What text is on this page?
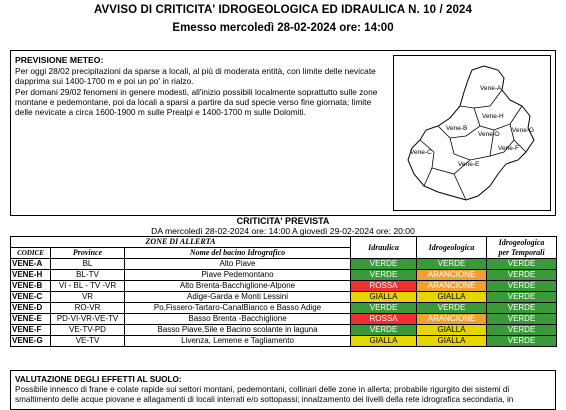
AVVISO DI CRITICITA' IDROGEOLOGICA ED IDRAULICA N. 10 / 2024
Emesso mercoledì 28-02-2024 ore: 14:00
PREVISIONE METEO:

Per oggi 28/02 precipitazioni da sparse a locali, al più di moderata entità, con limite delle nevicate dapprima sui 1400-1700 m e poi un po' in rialzo.

Per domani 29/02 fenomeni in genere modesti, all'inizio possibili localmente soprattutto sulle zone montane e pedemontane, poi da locali a sparsi a partire da sud specie verso fine giornata; limite delle nevicate a circa 1600-1900 m sulle Prealpi e 1400-1700 m sulle Dolomiti.

Vene-A
Vene-H
Vene-B
Vene-D
Vene-G
Vene-C
Vene-F
Vene-E
CRITICITA' PREVISTA
DA mercoledì 28-02-2024 ore: 14:00 A giovedì 29-02-2024 ore: 20:00
ZONE DI ALLERTA			Idraulica	Idrogeologica	Idrogeologica
per Temporali
CODICE	Province	Nome del bacino Idrografico			
VENE-A	BL	Alto Piave	VERDE	VERDE	VERDE
VENE-H	BL-TV	Piave Pedemontano	VERDE	ARANCIONE	VERDE
VENE-B	VI - BL - TV -VR	Alto Brenta-Bacchiglione-Alpone	ROSSA	ARANCIONE	VERDE
VENE-C	VR	Adige-Garda e Monti Lessini	GIALLA	GIALLA	VERDE
VENE-D	RO-VR	Po,Fissero-Tartaro-CanalBianco e Basso Adige	VERDE	VERDE	VERDE
VENE-E	PD-VI-VR-VE-TV	Basso Brenta -Bacchiglione	ROSSA	ARANCIONE	VERDE
VENE-F	VE-TV-PD	Basso Piave,Sile e Bacino scolante in laguna	VERDE	GIALLA	VERDE
VENE-G	VE-TV	Livenza, Lemene e Tagliamento	GIALLA	GIALLA	VERDE
VALUTAZIONE DEGLI EFFETTI AL SUOLO:
Possibile innesco di frane e colate rapide sui settori montani, pedemontani, collinari delle zone in allerta; probabile rigurgito dei sistemi di smaltimento delle acque piovane e allagamenti di locali interrati e/o sottopassi; innalzamento dei livelli della rete idrografica secondaria, in
